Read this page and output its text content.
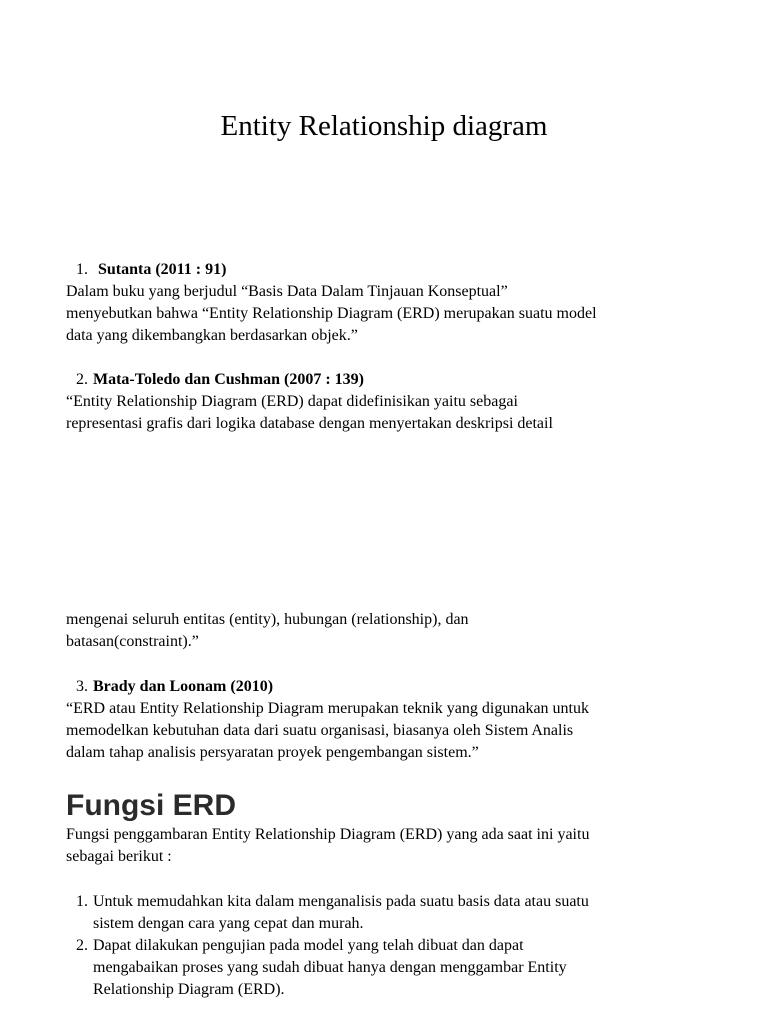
Entity Relationship diagram
1. Sutanta (2011 : 91)
Dalam buku yang berjudul “Basis Data Dalam Tinjauan Konseptual”
menyebutkan bahwa “Entity Relationship Diagram (ERD) merupakan suatu model
data yang dikembangkan berdasarkan objek.”
2. Mata-Toledo dan Cushman (2007 : 139)
“Entity Relationship Diagram (ERD) dapat didefinisikan yaitu sebagai
representasi grafis dari logika database dengan menyertakan deskripsi detail
mengenai seluruh entitas (entity), hubungan (relationship), dan
batasan(constraint).”
3. Brady dan Loonam (2010)
“ERD atau Entity Relationship Diagram merupakan teknik yang digunakan untuk
memodelkan kebutuhan data dari suatu organisasi, biasanya oleh Sistem Analis
dalam tahap analisis persyaratan proyek pengembangan sistem.”
Fungsi ERD
Fungsi penggambaran Entity Relationship Diagram (ERD) yang ada saat ini yaitu
sebagai berikut :
1. Untuk memudahkan kita dalam menganalisis pada suatu basis data atau suatu
sistem dengan cara yang cepat dan murah.
2. Dapat dilakukan pengujian pada model yang telah dibuat dan dapat
mengabaikan proses yang sudah dibuat hanya dengan menggambar Entity
Relationship Diagram (ERD).
